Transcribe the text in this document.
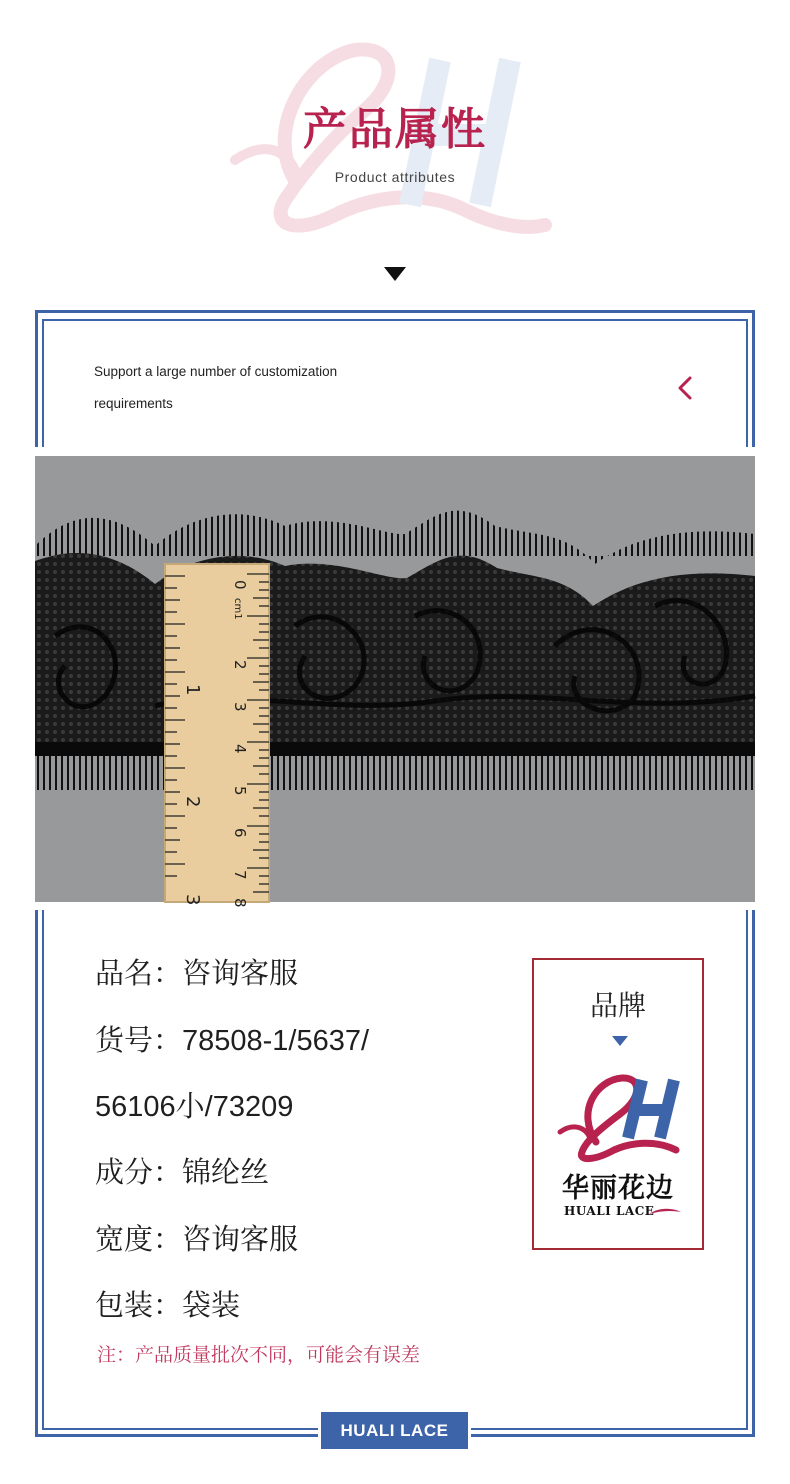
产品属性
Product attributes
Support a large number of customization
requirements
0
cm1
2
3
4
5
6
7
8
1
2
3
品名：咨询客服
货号：78508-1/5637/
56106小/73209
成分：锦纶丝
宽度：咨询客服
包装：袋装
注：产品质量批次不同，可能会有误差
品牌
华丽花边
HUALI LACE
HUALI LACE
